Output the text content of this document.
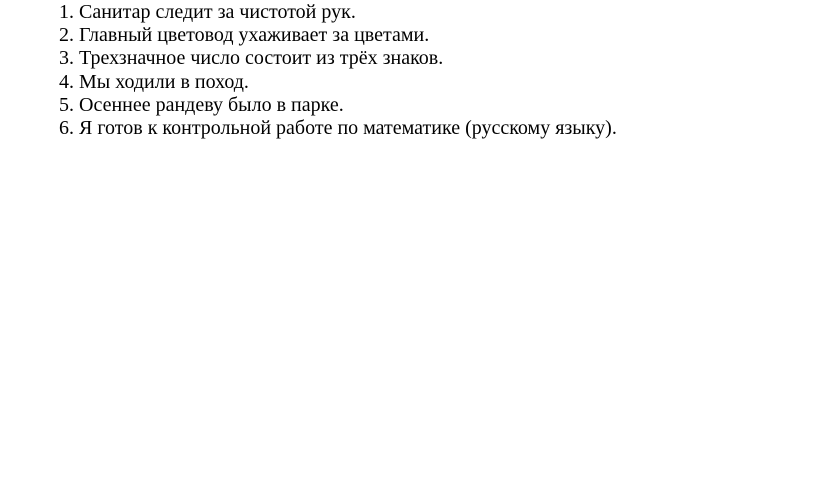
1. Санитар следит за чистотой рук.
2. Главный цветовод ухаживает за цветами.
3. Трехзначное число состоит из трёх знаков.
4. Мы ходили в поход.
5. Осеннее рандеву было в парке.
6. Я готов к контрольной работе по математике (русскому языку).
